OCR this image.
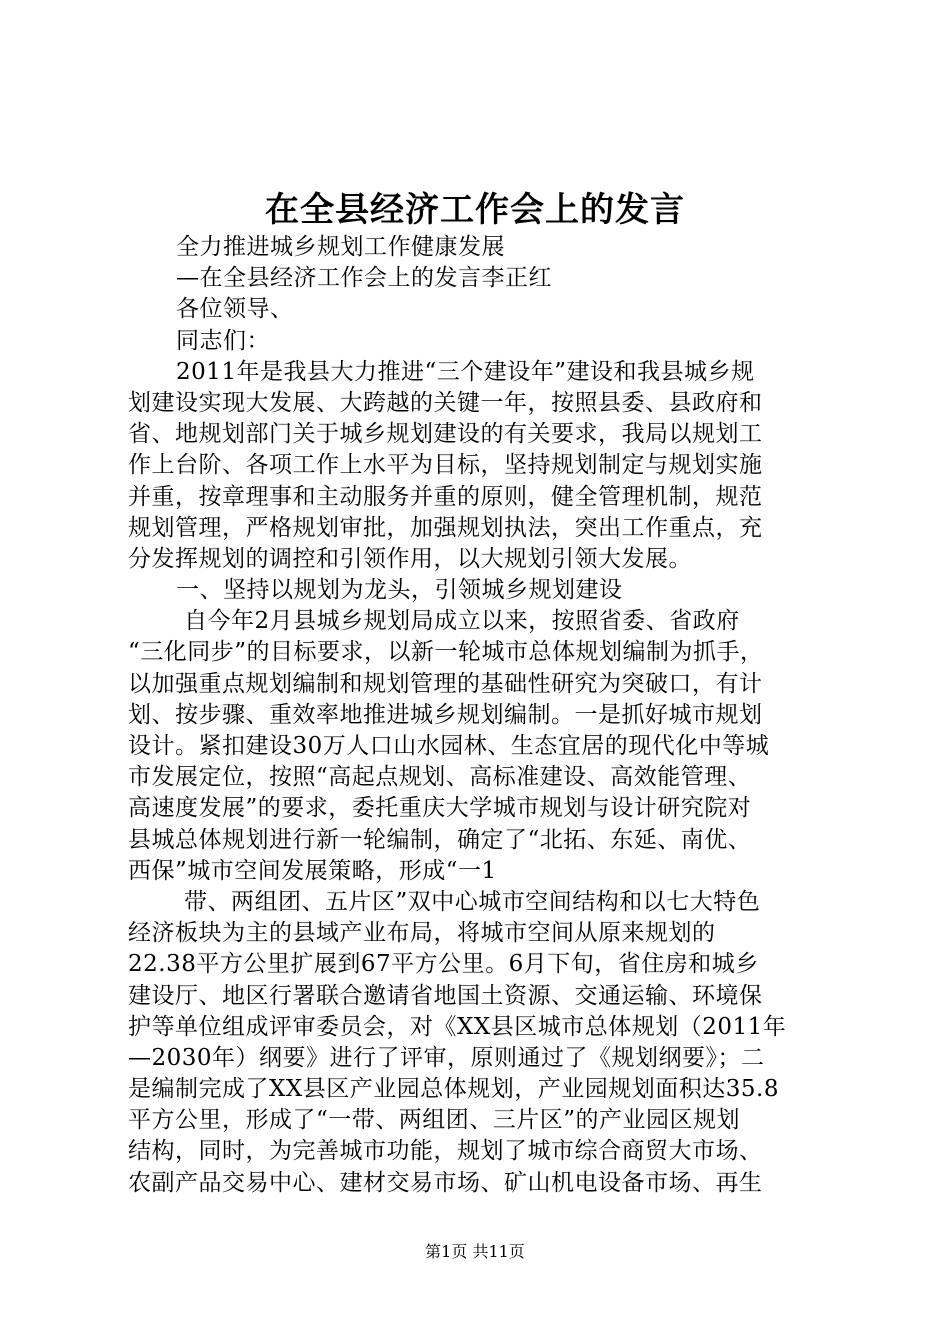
在全县经济工作会上的发言
全力推进城乡规划工作健康发展
—在全县经济工作会上的发言李正红
各位领导、
同志们：
2011年是我县大力推进“三个建设年”建设和我县城乡规
划建设实现大发展、大跨越的关键一年，按照县委、县政府和
省、地规划部门关于城乡规划建设的有关要求，我局以规划工
作上台阶、各项工作上水平为目标，坚持规划制定与规划实施
并重，按章理事和主动服务并重的原则，健全管理机制，规范
规划管理，严格规划审批，加强规划执法，突出工作重点，充
分发挥规划的调控和引领作用，以大规划引领大发展。
一、坚持以规划为龙头，引领城乡规划建设
自今年2月县城乡规划局成立以来，按照省委、省政府
“三化同步”的目标要求，以新一轮城市总体规划编制为抓手，
以加强重点规划编制和规划管理的基础性研究为突破口，有计
划、按步骤、重效率地推进城乡规划编制。一是抓好城市规划
设计。紧扣建设30万人口山水园林、生态宜居的现代化中等城
市发展定位，按照“高起点规划、高标准建设、高效能管理、
高速度发展”的要求，委托重庆大学城市规划与设计研究院对
县城总体规划进行新一轮编制，确定了“北拓、东延、南优、
西保”城市空间发展策略，形成“一1
带、两组团、五片区”双中心城市空间结构和以七大特色
经济板块为主的县域产业布局，将城市空间从原来规划的
22.38平方公里扩展到67平方公里。6月下旬，省住房和城乡
建设厅、地区行署联合邀请省地国土资源、交通运输、环境保
护等单位组成评审委员会，对《XX县区城市总体规划（2011年
—2030年）纲要》进行了评审，原则通过了《规划纲要》；二
是编制完成了XX县区产业园总体规划，产业园规划面积达35.8
平方公里，形成了“一带、两组团、三片区”的产业园区规划
结构，同时，为完善城市功能，规划了城市综合商贸大市场、
农副产品交易中心、建材交易市场、矿山机电设备市场、再生
第1页 共11页
